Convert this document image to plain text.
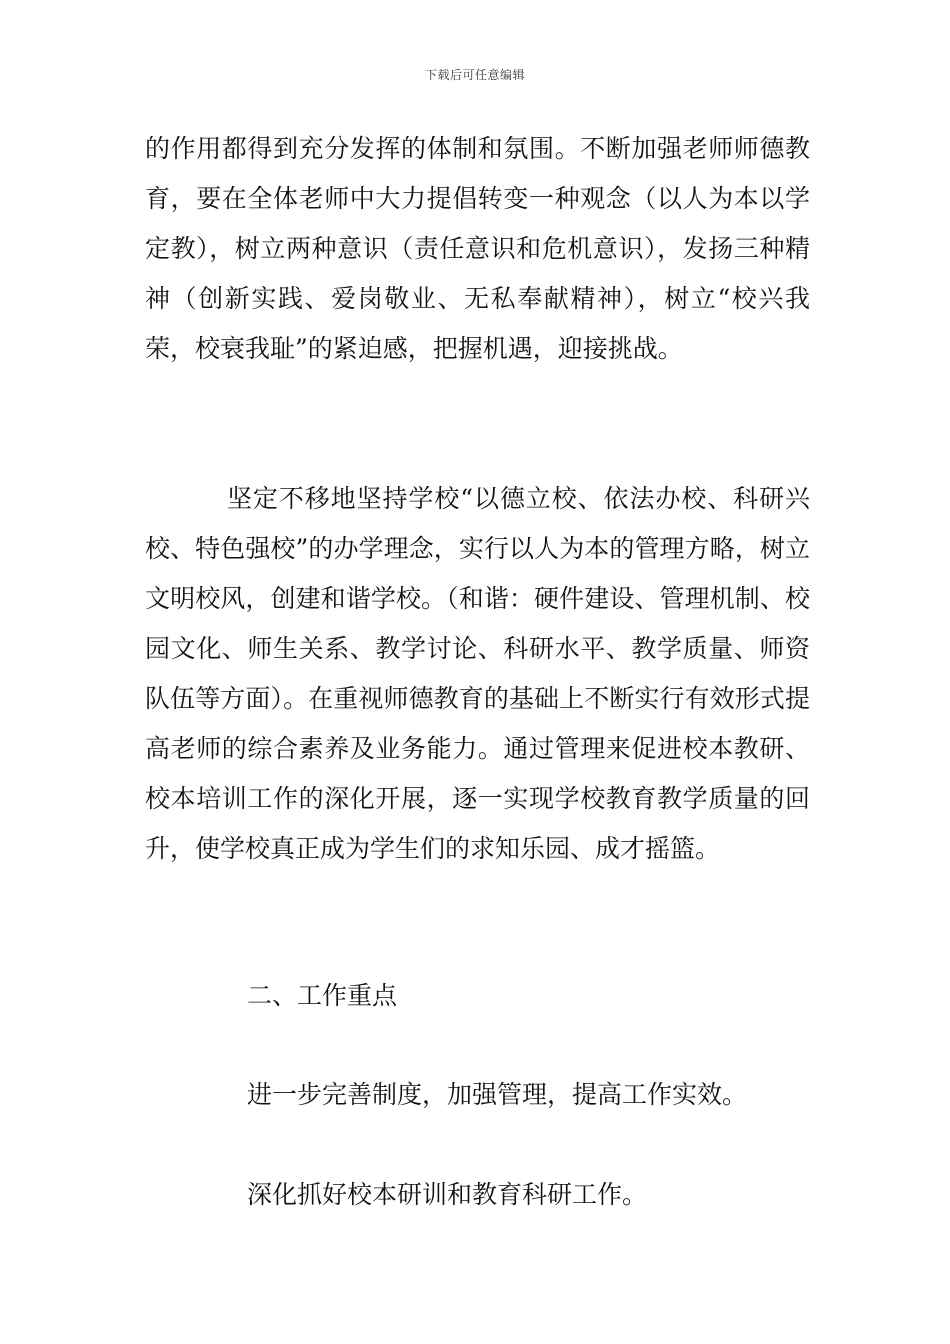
下载后可任意编辑

的作用都得到充分发挥的体制和氛围。不断加强老师师德教育，要在全体老师中大力提倡转变一种观念（以人为本以学定教），树立两种意识（责任意识和危机意识），发扬三种精神（创新实践、爱岗敬业、无私奉献精神），树立“校兴我荣，校衰我耻”的紧迫感，把握机遇，迎接挑战。

坚定不移地坚持学校“以德立校、依法办校、科研兴校、特色强校”的办学理念，实行以人为本的管理方略，树立文明校风，创建和谐学校。（和谐：硬件建设、管理机制、校园文化、师生关系、教学讨论、科研水平、教学质量、师资队伍等方面）。在重视师德教育的基础上不断实行有效形式提高老师的综合素养及业务能力。通过管理来促进校本教研、校本培训工作的深化开展，逐一实现学校教育教学质量的回升，使学校真正成为学生们的求知乐园、成才摇篮。

二、工作重点

进一步完善制度，加强管理，提高工作实效。

深化抓好校本研训和教育科研工作。
